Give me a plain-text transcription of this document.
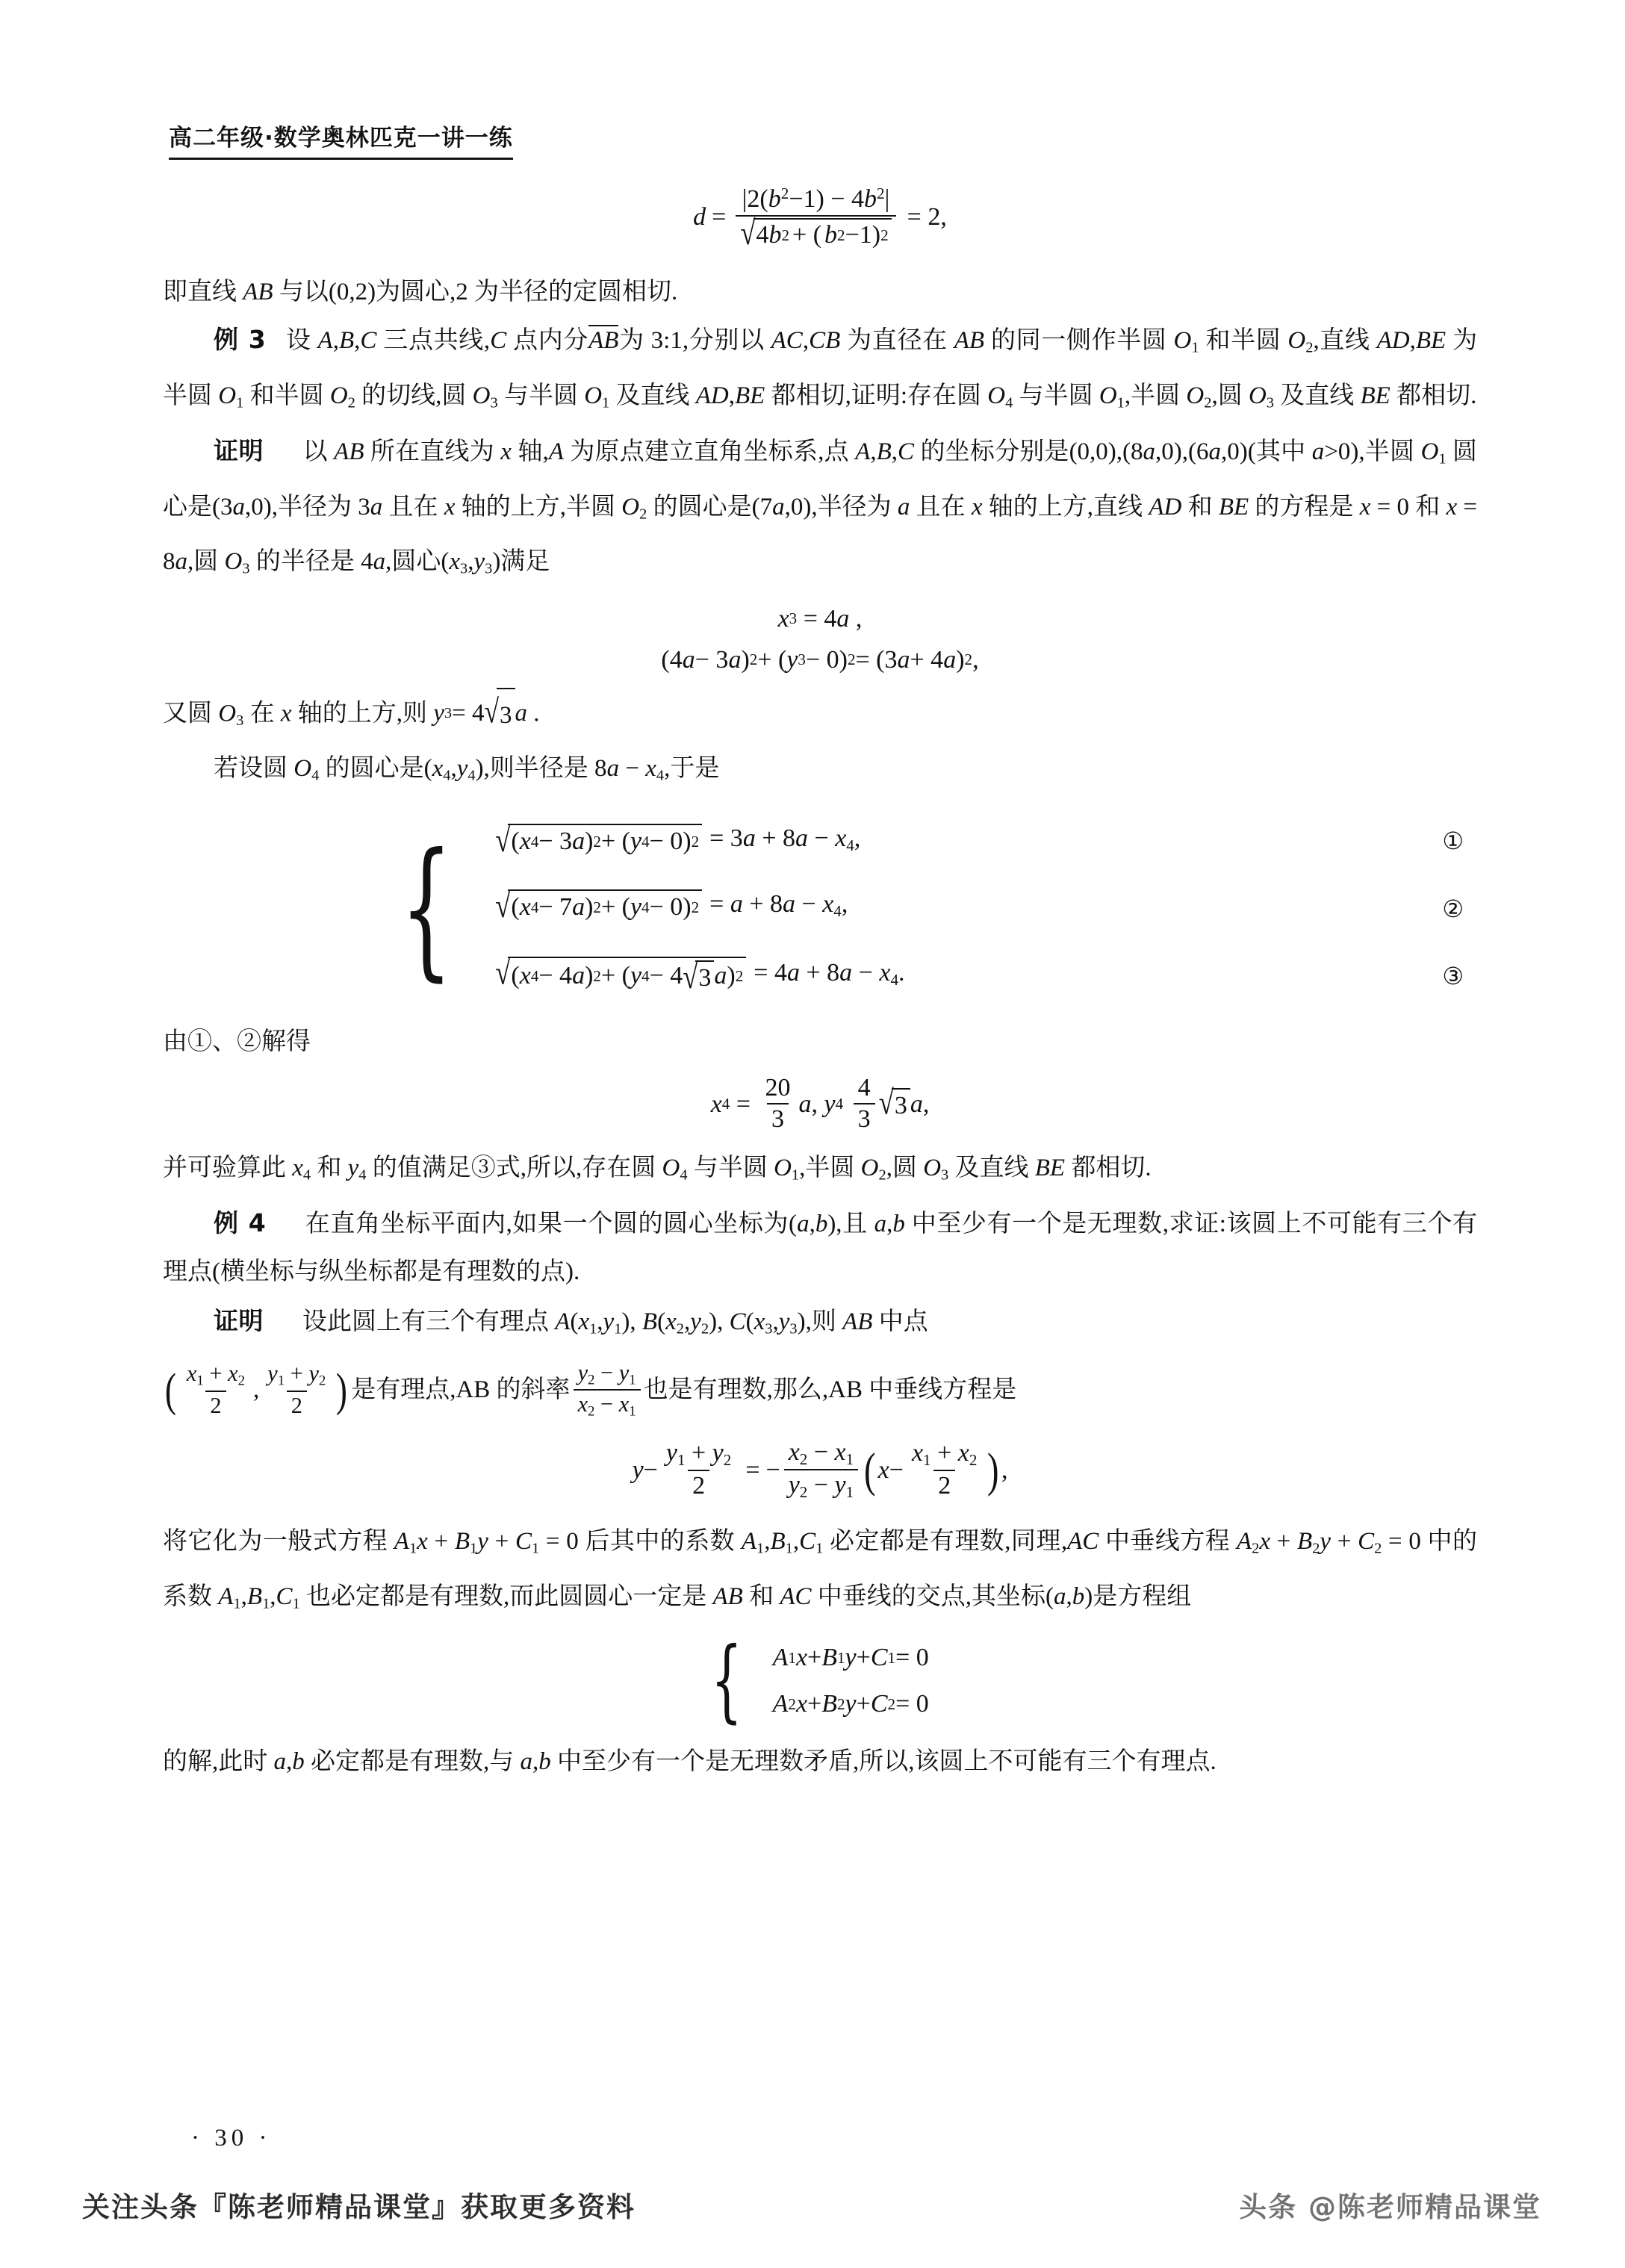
高二年级·数学奥林匹克一讲一练
$d = \frac{|2(b^2-1) - 4b^2|}{√ 4 b 2 + ( b 2 -1) 2} = 2$,

即直线 AB 与以(0,2)为圆心,2 为半径的定圆相切.

例 3 设 A,B,C 三点共线,C 点内分AB为 3:1,分别以 AC,CB 为直径在 AB 的同一侧作半圆 $O_1$ 和半圆 $O_2$,直线 AD,BE 为半圆 $O_1$ 和半圆 $O_2$ 的切线,圆 $O_3$ 与半圆 $O_1$ 及直线 AD,BE 都相切,证明:存在圆 $O_4$ 与半圆 $O_1$,半圆 $O_2$,圆 $O_3$ 及直线 BE 都相切.

证明 以 AB 所在直线为 x 轴,A 为原点建立直角坐标系,点 A,B,C 的坐标分别是(0,0),(8a,0),(6a,0)(其中 a>0),半圆 $O_1$ 圆心是(3a,0),半径为 3a 且在 x 轴的上方,半圆 $O_2$ 的圆心是(7a,0),半径为 a 且在 x 轴的上方,直线 AD 和 BE 的方程是 x = 0 和 x = 8a,圆 $O_3$ 的半径是 4a,圆心$(x_3,y_3)$满足

x 3 = 4 a ,
(4 a − 3 a ) 2 + ( y 3 − 0) 2 = (3 a + 4 a ) 2 ,

又圆 $O_3$ 在 x 轴的上方,则 y 3 = 4 √ 3 a .

若设圆 $O_4$ 的圆心是$(x_4,y_4)$,则半径是 $8a - x_4$,于是

{ √ ( x 4 − 3 a ) 2 + ( y 4 − 0) $2 = 3a + 8a - x_4$,
√ ( x 4 − 7 a ) 2 + ( y 4 − 0) $2 = a + 8a - x_4$,
√ ( x 4 − 4 a ) 2 + ( y 4 − 4 √ 3 a ) $2 = 4a + 8a - x_4$.
①
②
③

由①、②解得

x $4 = \frac{20}{3}$ a , y 4
$\frac{4}{3}$ √ 3 a ,

并可验算此 $x_4$ 和 $y_4$ 的值满足③式,所以,存在圆 $O_4$ 与半圆 $O_1$,半圆 $O_2$,圆 $O_3$ 及直线 BE 都相切.

例 4 在直角坐标平面内,如果一个圆的圆心坐标为(a,b),且 a,b 中至少有一个是无理数,求证:该圆上不可能有三个有理点(横坐标与纵坐标都是有理数的点).

证明 设此圆上有三个有理点 $A(x_1,y_1)$, $B(x_2,y_2)$, $C(x_3,y_3)$,则 AB 中点

( $\frac{x_1 + x_2}{2}$ , $\frac{y_1 + y_2}{2}$ ) 是有理点,AB 的斜率 $\frac{y_2 - y_1}{x_2 - x_1}$ 也是有理数,那么,AB 中垂线方程是
$y - \frac{y_1 + y_2}{2}$ = − $\frac{x_2 - x_1}{y_2 - y_1}$ ( $x - \frac{x_1 + x_2}{2}$ ) ,

将它化为一般式方程 $A_1x + B_1y + C_1 = 0$ 后其中的系数 $A_1,B_1,C_1$ 必定都是有理数,同理,AC 中垂线方程 $A_2x + B_2y + C_2 = 0$ 中的系数 $A_1,B_1,C_1$ 也必定都是有理数,而此圆圆心一定是 AB 和 AC 中垂线的交点,其坐标(a,b)是方程组

{ A 1 x + B 1 y + C 1 = 0
A 2 x + B 2 y + C 2 = 0

的解,此时 a,b 必定都是有理数,与 a,b 中至少有一个是无理数矛盾,所以,该圆上不可能有三个有理点.

· 30 ·
关注头条『陈老师精品课堂』获取更多资料	头条 @陈老师精品课堂
